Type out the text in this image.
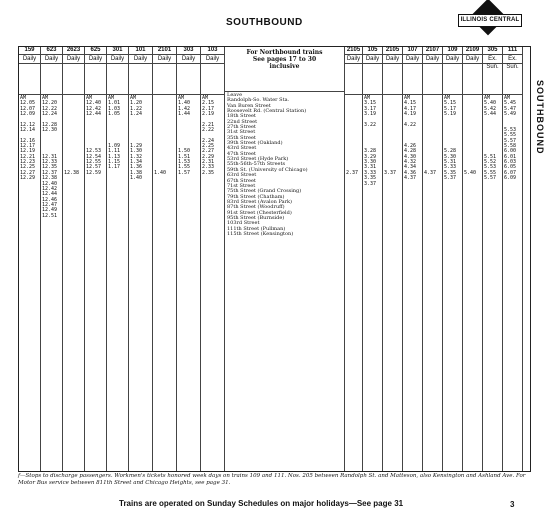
SOUTHBOUND	ILLINOIS CENTRAL
SOUTHBOUND
159
Daily
AM
12.05
12.07
12.09

12.12
12.14

12.16
12.17
12.19
12.21
12.23
12.25
12.27
12.29
623
Daily
AM
12.20
12.22
12.24

12.28
12.30

12.31
12.33
12.35
12.37
12.38
12.40
12.42
12.44
12.46
12.47
12.49
12.51
2623
Daily

12.38
625
Daily
AM
12.40
12.42
12.44

12.53
12.54
12.55
12.57
12.59
301
Daily
AM
1.01
1.03
1.05

1.09
1.11
1.13
1.15
1.17
101
Daily
AM
1.20
1.22
1.24

1.29
1.30
1.32
1.34
1.36
1.38
1.40
2101
Daily

1.40
303
Daily
AM
1.40
1.42
1.44

1.50
1.51
1.53
1.55
1.57
103
Daily
AM
2.15
2.17
2.19

2.21
2.22

2.24
2.25
2.27
2.29
2.31
2.33
2.35
For Northbound trains
See pages 17 to 30
inclusive
Leave
Randolph-So. Water Sta.
Van Buren Street
Roosevelt Rd. (Central Station)
18th Street
22nd Street
27th Street
31st Street
35th Street
39th Street (Oakland)
43rd Street
47th Street
53rd Street (Hyde Park)
55th-56th-57th Streets
59th St. (University of Chicago)
63rd Street
67th Street
71st Street
75th Street (Grand Crossing)
79th Street (Chatham)
83rd Street (Avalon Park)
87th Street (Woodruff)
91st Street (Chesterfield)
95th Street (Burnside)
103rd Street
111th Street (Pullman)
115th Street (Kensington)
2105
Daily

2.37
105
Daily
AM
3.15
3.17
3.19

3.22

3.28
3.29
3.30
3.31
3.33
3.35
3.37
2105
Daily

3.37
107
Daily
AM
4.15
4.17
4.19

4.22

4.26
4.28
4.30
4.32
4.34
4.36
4.37
2107
Daily

4.37
109
Daily
AM
5.15
5.17
5.19

5.28
5.30
5.31
5.33
5.35
5.37
2109
Daily

5.40
305
Ex. Sun.
AM
5.40
5.42
5.44

5.51
5.52
5.53
5.55
5.57
111
Ex. Sun.
AM
5.45
5.47
5.49

5.53
5.55
5.57
5.58
6.00
6.01
6.03
6.05
6.07
6.09
f—Stops to discharge passengers. Workmen's tickets honored week days on trains 109 and 111. Nos. 205 between Randolph St. and Matteson, also Kensington and Ashland Ave. For Motor Bus service between 811th Street and Chicago Heights, see page 31.
Trains are operated on Sunday Schedules on major holidays—See page 31	3
